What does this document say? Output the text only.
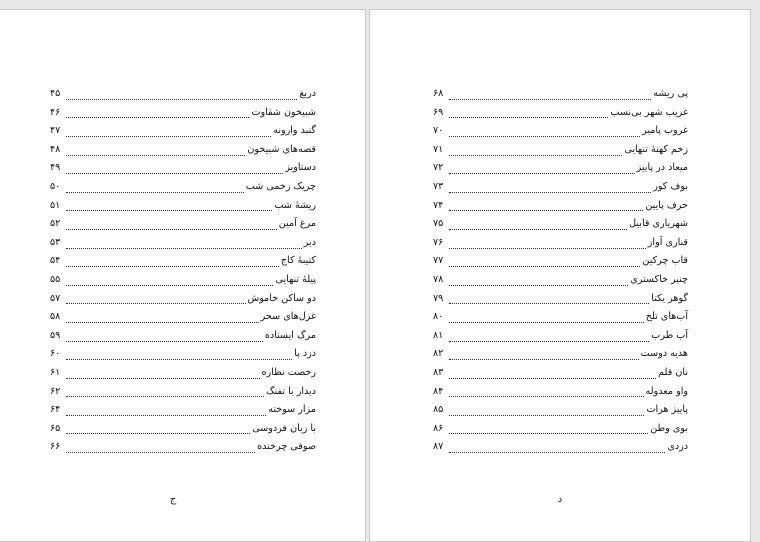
دریغ
۴۵
شبیخون شقاوت
۴۶
گنبد وارونه
۴۷
قصه‌های شبیخون
۴۸
دستاویز
۴۹
چریک زخمی شب
۵۰
ریشهٔ شب
۵۱
مرغ آمین
۵۲
دیر
۵۳
کتیبهٔ کاج
۵۴
پیلهٔ تنهایی
۵۵
دو ساکن خاموش
۵۷
غزل‌های سحر
۵۸
مرگ ایستاده
۵۹
دزد پا
۶۰
رخصت نظاره
۶۱
دیدار با تفنگ
۶۲
مزار سوخته
۶۴
با زبان فردوسی
۶۵
صوفی چرخنده
۶۶
ج
پی ریشه
۶۸
غریب شهر بی‌نسب
۶۹
غروب پامیر
۷۰
زخم کهنهٔ تنهایی
۷۱
میعاد در پاییز
۷۲
بوف کور
۷۳
حرف پایین
۷۴
شهریاری قابیل
۷۵
قناری آواز
۷۶
قاب چرکین
۷۷
چنبر خاکستری
۷۸
گوهر یکتا
۷۹
آب‌های تلخ
۸۰
آب طرب
۸۱
هدیه دوست
۸۲
نان قلم
۸۳
واو معدوله
۸۴
پاییز هرات
۸۵
بوی وطن
۸۶
دزدی
۸۷
د
